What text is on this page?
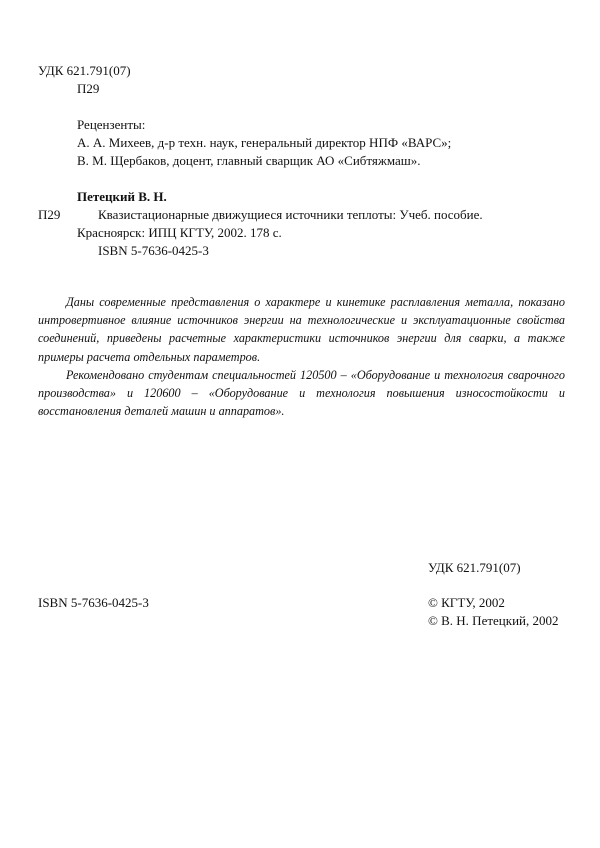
УДК 621.791(07)
П29
Рецензенты:
А. А. Михеев, д-р техн. наук, генеральный директор НПФ «ВАРС»;
В. М. Щербаков, доцент, главный сварщик АО «Сибтяжмаш».
Петецкий В. Н.
П29	Квазистационарные движущиеся источники теплоты: Учеб. пособие.
Красноярск: ИПЦ КГТУ, 2002. 178 с.
ISBN 5-7636-0425-3

Даны современные представления о характере и кинетике расплавления металла, показано интровертивное влияние источников энергии на технологические и эксплуатационные свойства соединений, приведены расчетные характеристики источников энергии для сварки, а также примеры расчета отдельных параметров.

Рекомендовано студентам специальностей 120500 – «Оборудование и технология сварочного производства» и 120600 – «Оборудование и технология повышения износостойкости и восстановления деталей машин и аппаратов».

УДК 621.791(07)
ISBN 5-7636-0425-3	© КГТУ, 2002
© В. Н. Петецкий, 2002
